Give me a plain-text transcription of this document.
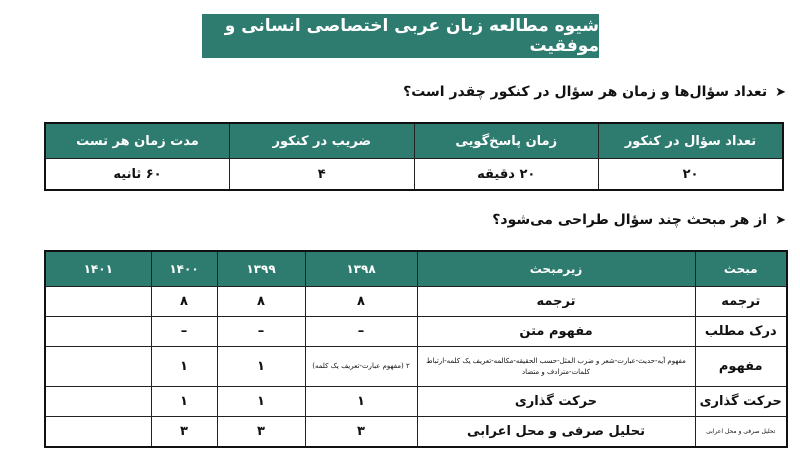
شیوه مطالعه زبان عربی اختصاصی انسانی و موفقیت
➤
تعداد سؤال‌ها و زمان هر سؤال در کنکور چقدر است؟
تعداد سؤال در کنکور	زمان پاسخ‌گویی	ضریب در کنکور	مدت زمان هر تست
۲۰	۲۰ دقیقه	۴	۶۰ ثانیه
➤
از هر مبحث چند سؤال طراحی می‌شود؟
مبحث	زیرمبحث	۱۳۹۸	۱۳۹۹	۱۴۰۰	۱۴۰۱
ترجمه	ترجمه	۸	۸	۸	
درک مطلب	مفهوم متن	–	–	–	
مفهوم	مفهوم آیه-حدیث-عبارت-شعر و ضرب المثل-حسب الحقیقه-مکالمه-تعریف یک کلمه-ارتباط کلمات-مترادف و متضاد	۲ (مفهوم عبارت-تعریف یک کلمه)	۱	۱	
حرکت گذاری	حرکت گذاری	۱	۱	۱	
تحلیل صرفی و محل اعرابی	تحلیل صرفی و محل اعرابی	۳	۳	۳	
